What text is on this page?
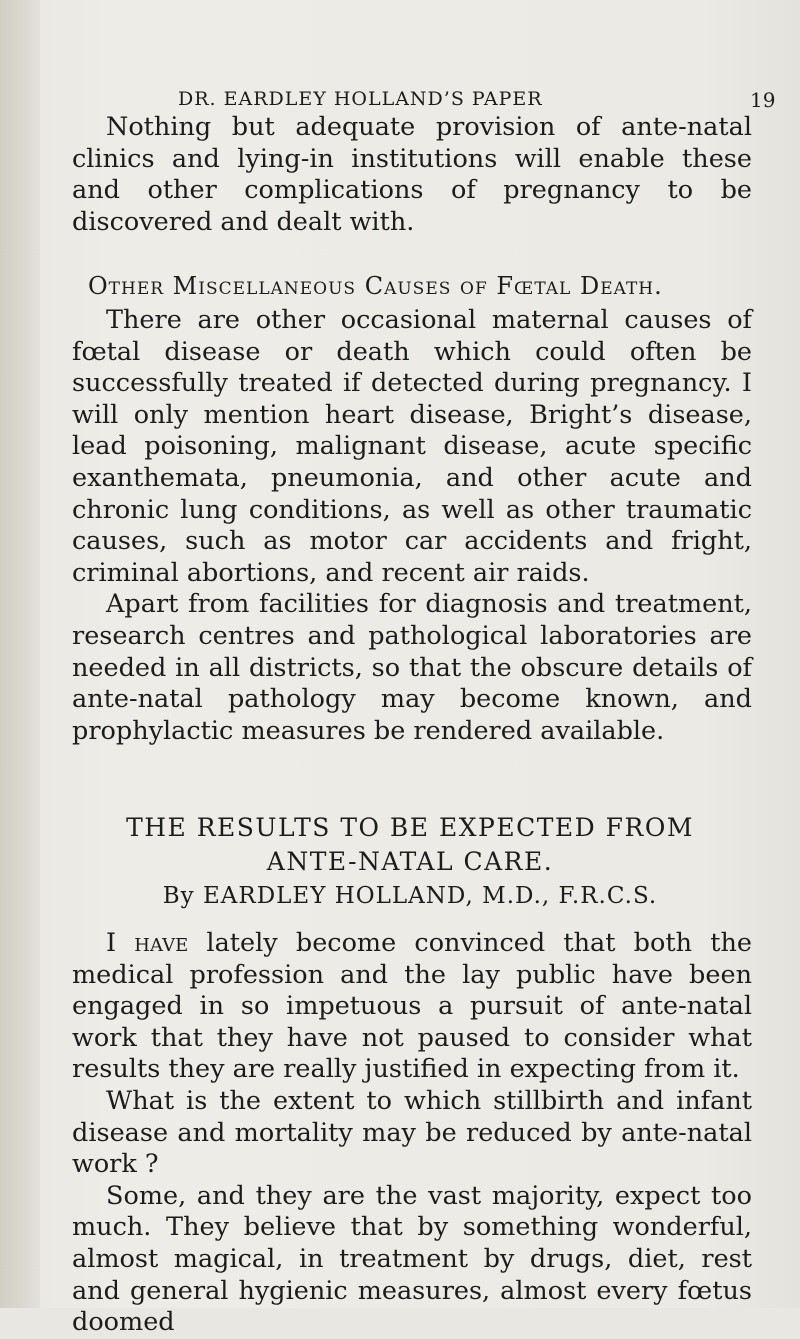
DR. EARDLEY HOLLAND’S PAPER	19

Nothing but adequate provision of ante-natal clinics and lying-in institutions will enable these and other complications of pregnancy to be discovered and dealt with.

Other Miscellaneous Causes of Fœtal Death.

There are other occasional maternal causes of fœtal disease or death which could often be successfully treated if detected during pregnancy. I will only mention heart disease, Bright’s disease, lead poisoning, malignant disease, acute specific exanthemata, pneumonia, and other acute and chronic lung conditions, as well as other traumatic causes, such as motor car accidents and fright, criminal abortions, and recent air raids.

Apart from facilities for diagnosis and treatment, research centres and pathological laboratories are needed in all districts, so that the obscure details of ante-natal pathology may become known, and prophylactic measures be rendered available.

THE RESULTS TO BE EXPECTED FROM
ANTE-NATAL CARE.
By EARDLEY HOLLAND, M.D., F.R.C.S.

I have lately become convinced that both the medical profession and the lay public have been engaged in so impetuous a pursuit of ante-natal work that they have not paused to consider what results they are really justified in expecting from it.

What is the extent to which stillbirth and infant disease and mortality may be reduced by ante-natal work ?

Some, and they are the vast majority, expect too much. They believe that by something wonderful, almost magical, in treatment by drugs, diet, rest and general hygienic measures, almost every fœtus doomed
